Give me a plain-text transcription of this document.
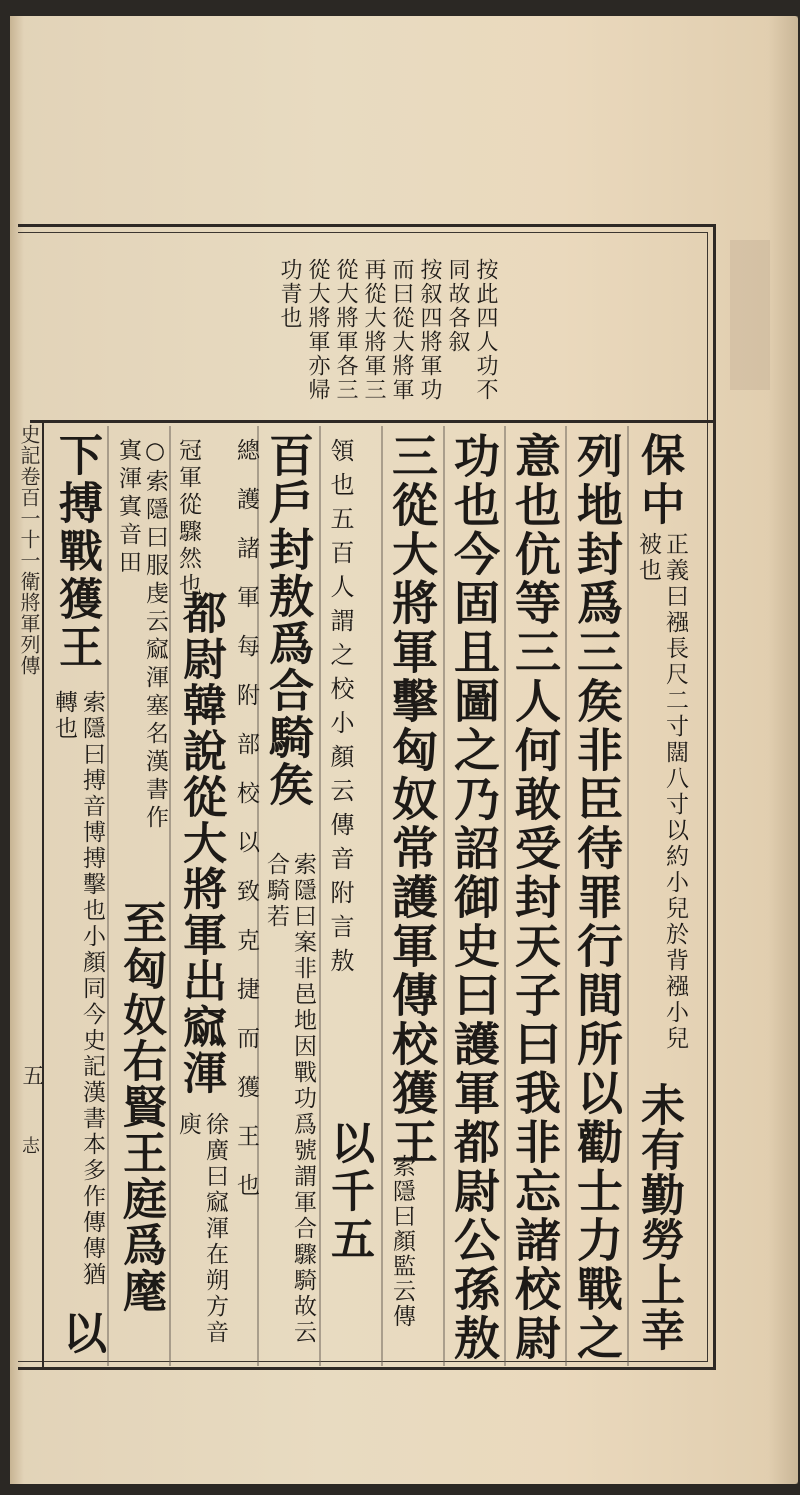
按此四人功不
同故各叙
按叙四將軍功
而曰從大將軍
再從大將軍三
從大將軍各三
從大將軍亦帰
功青也
保中
正義曰襁長尺二寸闊八寸以約小兒於背襁小兒被也
未有勤勞上幸
列地封爲三矦非臣待罪行間所以勸士力戰之
意也伉等三人何敢受封天子曰我非忘諸校尉
功也今固且圖之乃詔御史曰護軍都尉公孫敖
三從大將軍擊匈奴常護軍傳校獲王
索隱曰顏監云傳
領也五百人謂之校小顏云傳音附言敖
以千五
百戶封敖爲合騎矦
索隱曰案非邑地因戰功爲號謂軍合驟騎故云合騎若
總護諸軍每附部校以致克捷而獲王也
冠軍從驟然也
都尉韓說從大將軍出窳渾
徐廣曰窳渾在朔方音庾
○索隱曰服虔云窳渾塞名漢書作寘渾寘音田
至匈奴右賢王庭爲麾
下搏戰獲王
索隱曰搏音博搏擊也小顏同今史記漢書本多作傳傳猶轉也
以
史記卷百一十一衛將軍列傳
五
志
